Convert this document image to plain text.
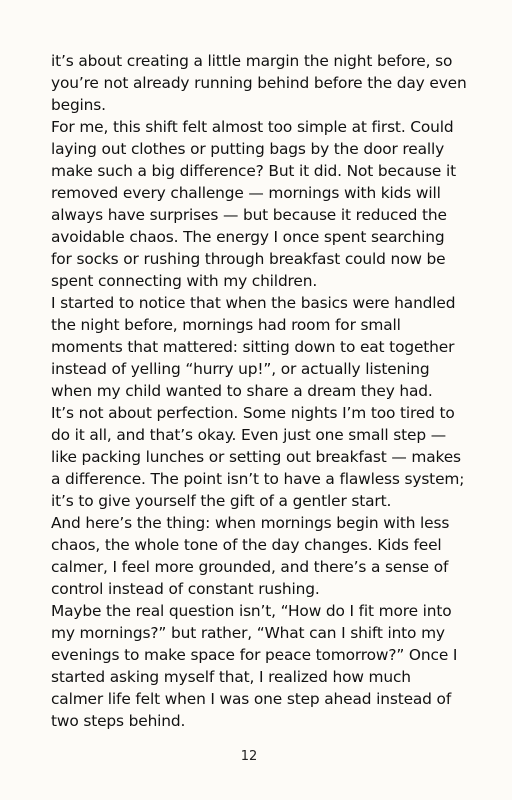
it’s about creating a little margin the night before, so you’re not already running behind before the day even begins.

For me, this shift felt almost too simple at first. Could laying out clothes or putting bags by the door really make such a big difference? But it did. Not because it removed every challenge — mornings with kids will always have surprises — but because it reduced the avoidable chaos. The energy I once spent searching for socks or rushing through breakfast could now be spent connecting with my children.

I started to notice that when the basics were handled the night before, mornings had room for small moments that mattered: sitting down to eat together instead of yelling “hurry up!”, or actually listening when my child wanted to share a dream they had.

It’s not about perfection. Some nights I’m too tired to do it all, and that’s okay. Even just one small step — like packing lunches or setting out breakfast — makes a difference. The point isn’t to have a flawless system; it’s to give yourself the gift of a gentler start.

And here’s the thing: when mornings begin with less chaos, the whole tone of the day changes. Kids feel calmer, I feel more grounded, and there’s a sense of control instead of constant rushing.

Maybe the real question isn’t, “How do I fit more into my mornings?” but rather, “What can I shift into my evenings to make space for peace tomorrow?” Once I started asking myself that, I realized how much calmer life felt when I was one step ahead instead of two steps behind.

12
